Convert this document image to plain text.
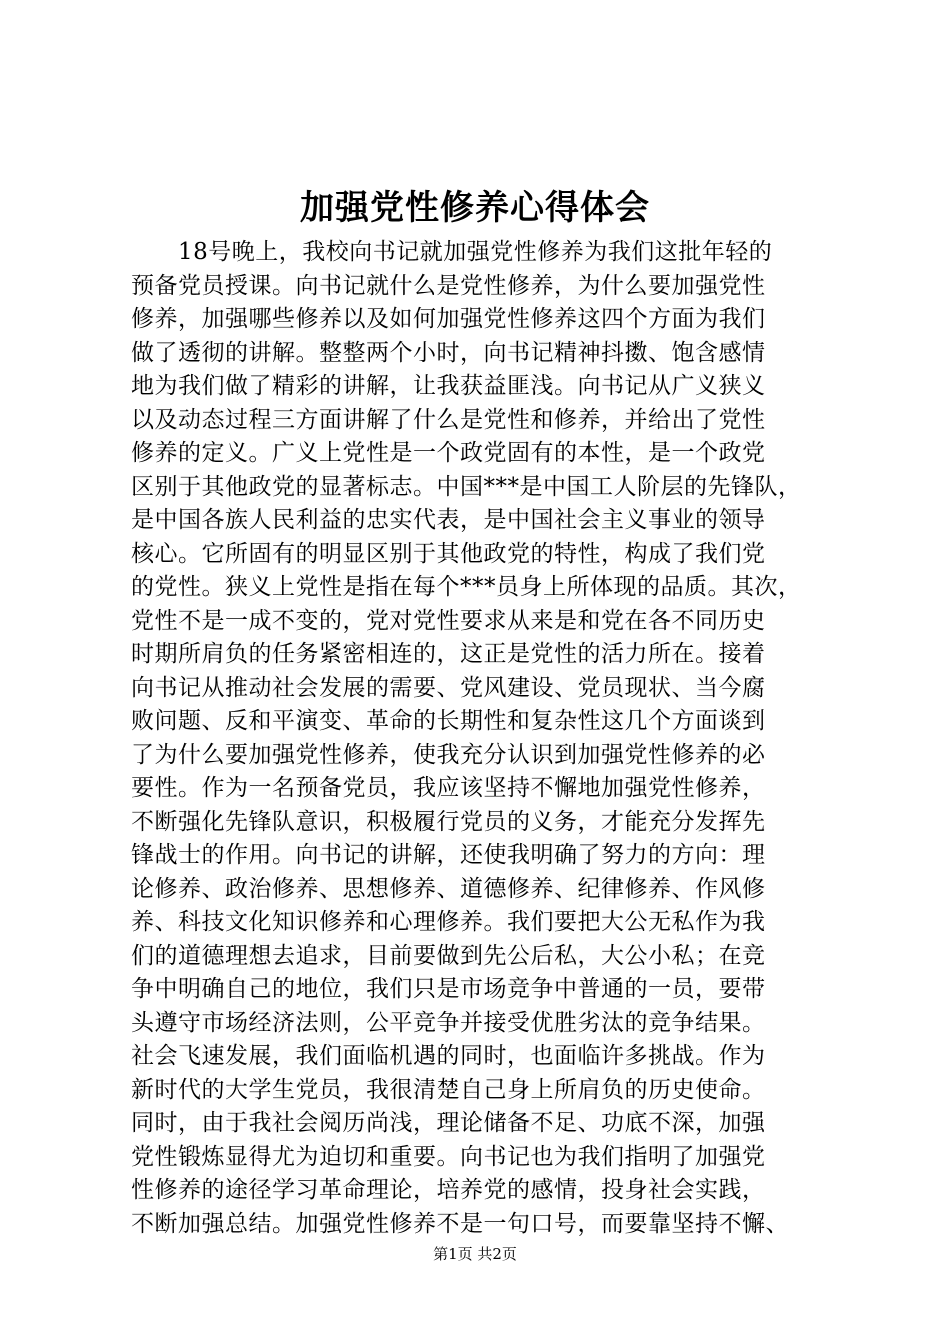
加强党性修养心得体会
　　18号晚上，我校向书记就加强党性修养为我们这批年轻的
预备党员授课。向书记就什么是党性修养，为什么要加强党性
修养，加强哪些修养以及如何加强党性修养这四个方面为我们
做了透彻的讲解。整整两个小时，向书记精神抖擞、饱含感情
地为我们做了精彩的讲解，让我获益匪浅。向书记从广义狭义
以及动态过程三方面讲解了什么是党性和修养，并给出了党性
修养的定义。广义上党性是一个政党固有的本性，是一个政党
区别于其他政党的显著标志。中国***是中国工人阶层的先锋队，
是中国各族人民利益的忠实代表，是中国社会主义事业的领导
核心。它所固有的明显区别于其他政党的特性，构成了我们党
的党性。狭义上党性是指在每个***员身上所体现的品质。其次，
党性不是一成不变的，党对党性要求从来是和党在各不同历史
时期所肩负的任务紧密相连的，这正是党性的活力所在。接着
向书记从推动社会发展的需要、党风建设、党员现状、当今腐
败问题、反和平演变、革命的长期性和复杂性这几个方面谈到
了为什么要加强党性修养，使我充分认识到加强党性修养的必
要性。作为一名预备党员，我应该坚持不懈地加强党性修养，
不断强化先锋队意识，积极履行党员的义务，才能充分发挥先
锋战士的作用。向书记的讲解，还使我明确了努力的方向：理
论修养、政治修养、思想修养、道德修养、纪律修养、作风修
养、科技文化知识修养和心理修养。我们要把大公无私作为我
们的道德理想去追求，目前要做到先公后私，大公小私；在竞
争中明确自己的地位，我们只是市场竞争中普通的一员，要带
头遵守市场经济法则，公平竞争并接受优胜劣汰的竞争结果。
社会飞速发展，我们面临机遇的同时，也面临许多挑战。作为
新时代的大学生党员，我很清楚自己身上所肩负的历史使命。
同时，由于我社会阅历尚浅，理论储备不足、功底不深，加强
党性锻炼显得尤为迫切和重要。向书记也为我们指明了加强党
性修养的途径学习革命理论，培养党的感情，投身社会实践，
不断加强总结。加强党性修养不是一句口号，而要靠坚持不懈、
第1页 共2页
